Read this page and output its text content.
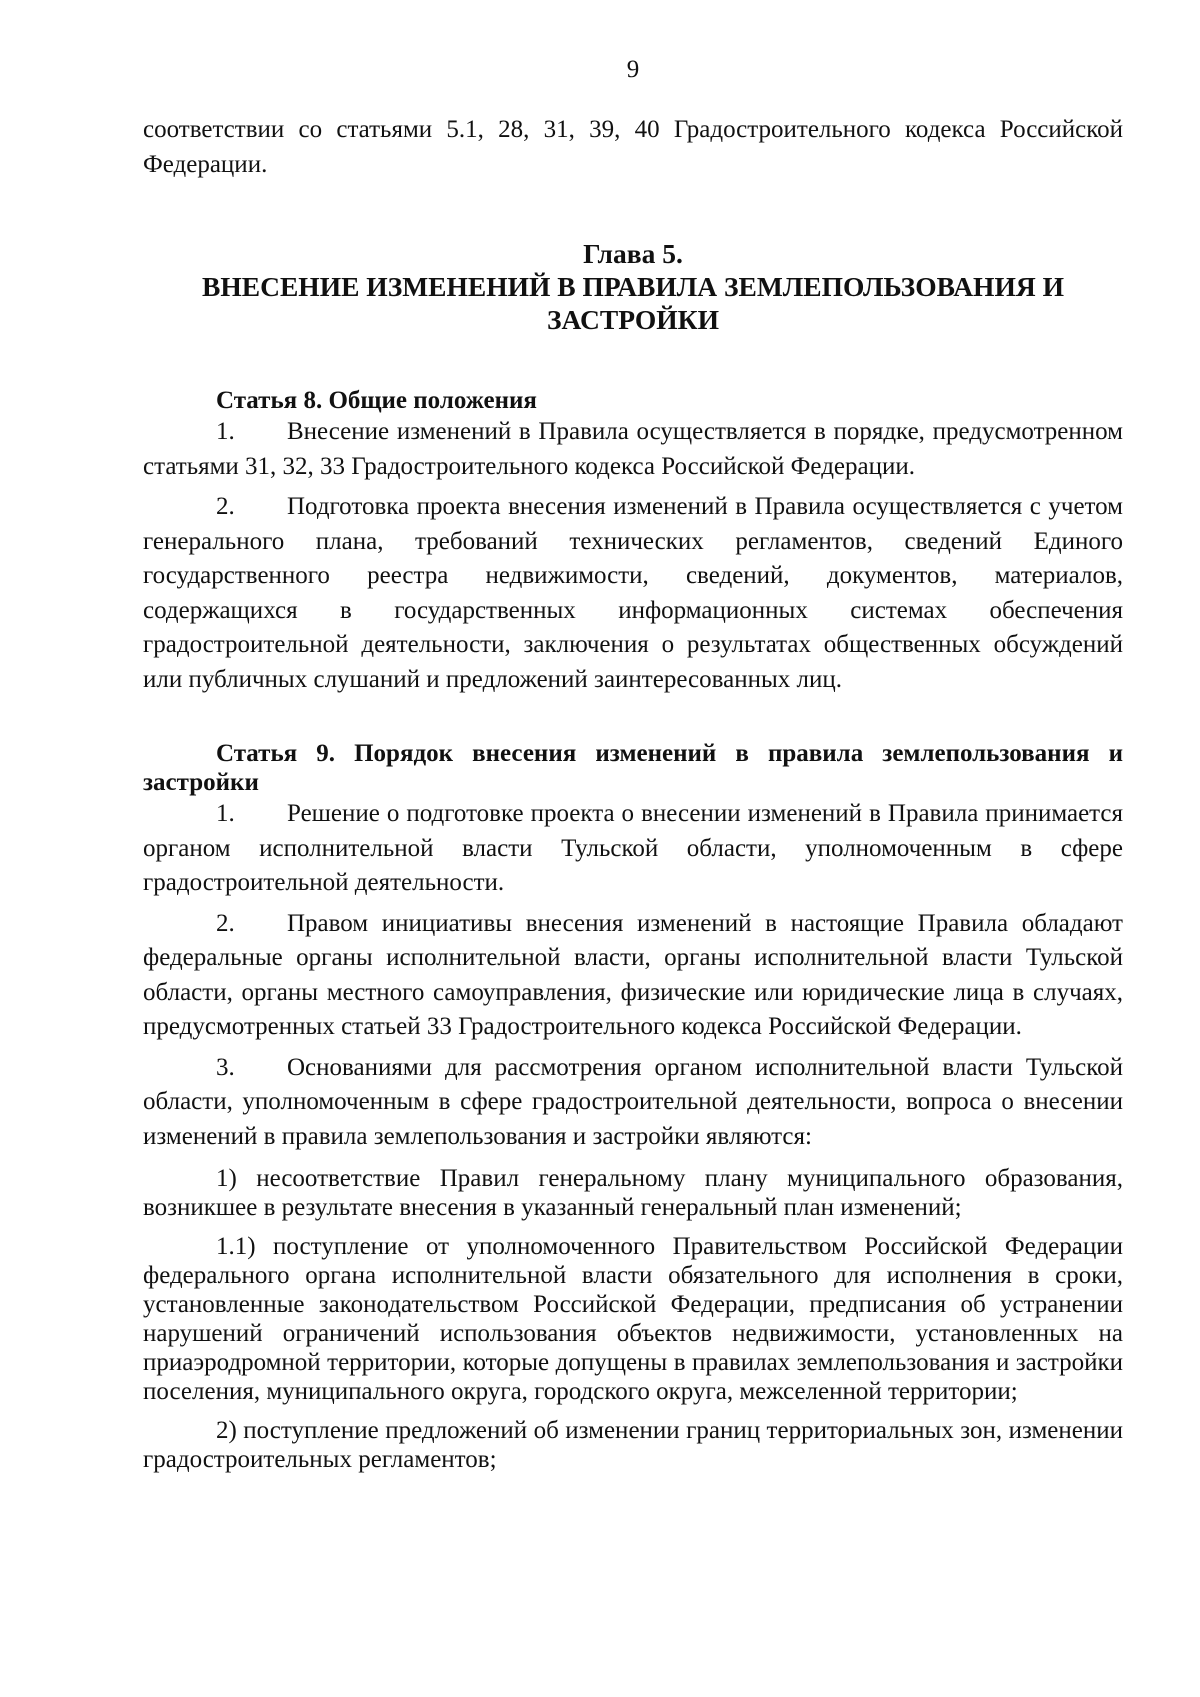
9

соответствии со статьями 5.1, 28, 31, 39, 40 Градостроительного кодекса Российской Федерации.

Глава 5.
ВНЕСЕНИЕ ИЗМЕНЕНИЙ В ПРАВИЛА ЗЕМЛЕПОЛЬЗОВАНИЯ И ЗАСТРОЙКИ
Статья 8. Общие положения

1. Внесение изменений в Правила осуществляется в порядке, предусмотренном статьями 31, 32, 33 Градостроительного кодекса Российской Федерации.

2. Подготовка проекта внесения изменений в Правила осуществляется с учетом генерального плана, требований технических регламентов, сведений Единого государственного реестра недвижимости, сведений, документов, материалов, содержащихся в государственных информационных системах обеспечения градостроительной деятельности, заключения о результатах общественных обсуждений или публичных слушаний и предложений заинтересованных лиц.

Статья 9. Порядок внесения изменений в правила землепользования и застройки

1. Решение о подготовке проекта о внесении изменений в Правила принимается органом исполнительной власти Тульской области, уполномоченным в сфере градостроительной деятельности.

2. Правом инициативы внесения изменений в настоящие Правила обладают федеральные органы исполнительной власти, органы исполнительной власти Тульской области, органы местного самоуправления, физические или юридические лица в случаях, предусмотренных статьей 33 Градостроительного кодекса Российской Федерации.

3. Основаниями для рассмотрения органом исполнительной власти Тульской области, уполномоченным в сфере градостроительной деятельности, вопроса о внесении изменений в правила землепользования и застройки являются:

1) несоответствие Правил генеральному плану муниципального образования, возникшее в результате внесения в указанный генеральный план изменений;

1.1) поступление от уполномоченного Правительством Российской Федерации федерального органа исполнительной власти обязательного для исполнения в сроки, установленные законодательством Российской Федерации, предписания об устранении нарушений ограничений использования объектов недвижимости, установленных на приаэродромной территории, которые допущены в правилах землепользования и застройки поселения, муниципального округа, городского округа, межселенной территории;

2) поступление предложений об изменении границ территориальных зон, изменении градостроительных регламентов;
